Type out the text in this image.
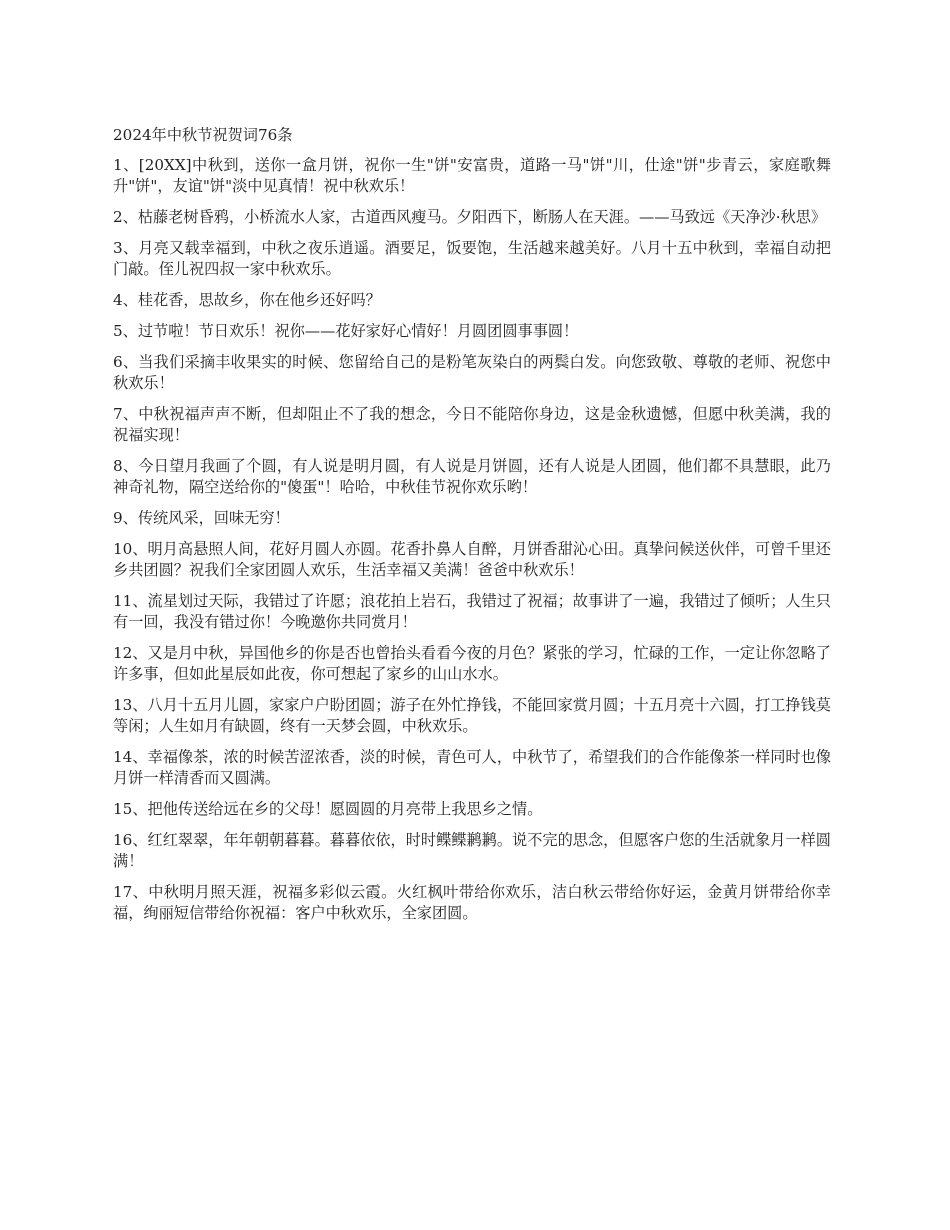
2024年中秋节祝贺词76条

1、[20XX]中秋到，送你一盒月饼，祝你一生"饼"安富贵，道路一马"饼"川，仕途"饼"步青云，家庭歌舞升"饼"，友谊"饼"淡中见真情！祝中秋欢乐！

2、枯藤老树昏鸦，小桥流水人家，古道西风瘦马。夕阳西下，断肠人在天涯。——马致远《天净沙·秋思》

3、月亮又载幸福到，中秋之夜乐逍遥。酒要足，饭要饱，生活越来越美好。八月十五中秋到，幸福自动把门敲。侄儿祝四叔一家中秋欢乐。

4、桂花香，思故乡，你在他乡还好吗？

5、过节啦！节日欢乐！祝你——花好家好心情好！月圆团圆事事圆！

6、当我们采摘丰收果实的时候、您留给自己的是粉笔灰染白的两鬓白发。向您致敬、尊敬的老师、祝您中秋欢乐！

7、中秋祝福声声不断，但却阻止不了我的想念，今日不能陪你身边，这是金秋遗憾，但愿中秋美满，我的祝福实现！

8、今日望月我画了个圆，有人说是明月圆，有人说是月饼圆，还有人说是人团圆，他们都不具慧眼，此乃神奇礼物，隔空送给你的"傻蛋"！哈哈，中秋佳节祝你欢乐哟！

9、传统风采，回味无穷！

10、明月高悬照人间，花好月圆人亦圆。花香扑鼻人自醉，月饼香甜沁心田。真挚问候送伙伴，可曾千里还乡共团圆？祝我们全家团圆人欢乐，生活幸福又美满！爸爸中秋欢乐！

11、流星划过天际，我错过了许愿；浪花拍上岩石，我错过了祝福；故事讲了一遍，我错过了倾听；人生只有一回，我没有错过你！今晚邀你共同赏月！

12、又是月中秋，异国他乡的你是否也曾抬头看看今夜的月色？紧张的学习，忙碌的工作，一定让你忽略了许多事，但如此星辰如此夜，你可想起了家乡的山山水水。

13、八月十五月儿圆，家家户户盼团圆；游子在外忙挣钱，不能回家赏月圆；十五月亮十六圆，打工挣钱莫等闲；人生如月有缺圆，终有一天梦会圆，中秋欢乐。

14、幸福像茶，浓的时候苦涩浓香，淡的时候，青色可人，中秋节了，希望我们的合作能像茶一样同时也像月饼一样清香而又圆满。

15、把他传送给远在乡的父母！愿圆圆的月亮带上我思乡之情。

16、红红翠翠，年年朝朝暮暮。暮暮依依，时时鲽鲽鹣鹣。说不完的思念，但愿客户您的生活就象月一样圆满！

17、中秋明月照天涯，祝福多彩似云霞。火红枫叶带给你欢乐，洁白秋云带给你好运，金黄月饼带给你幸福，绚丽短信带给你祝福：客户中秋欢乐，全家团圆。
